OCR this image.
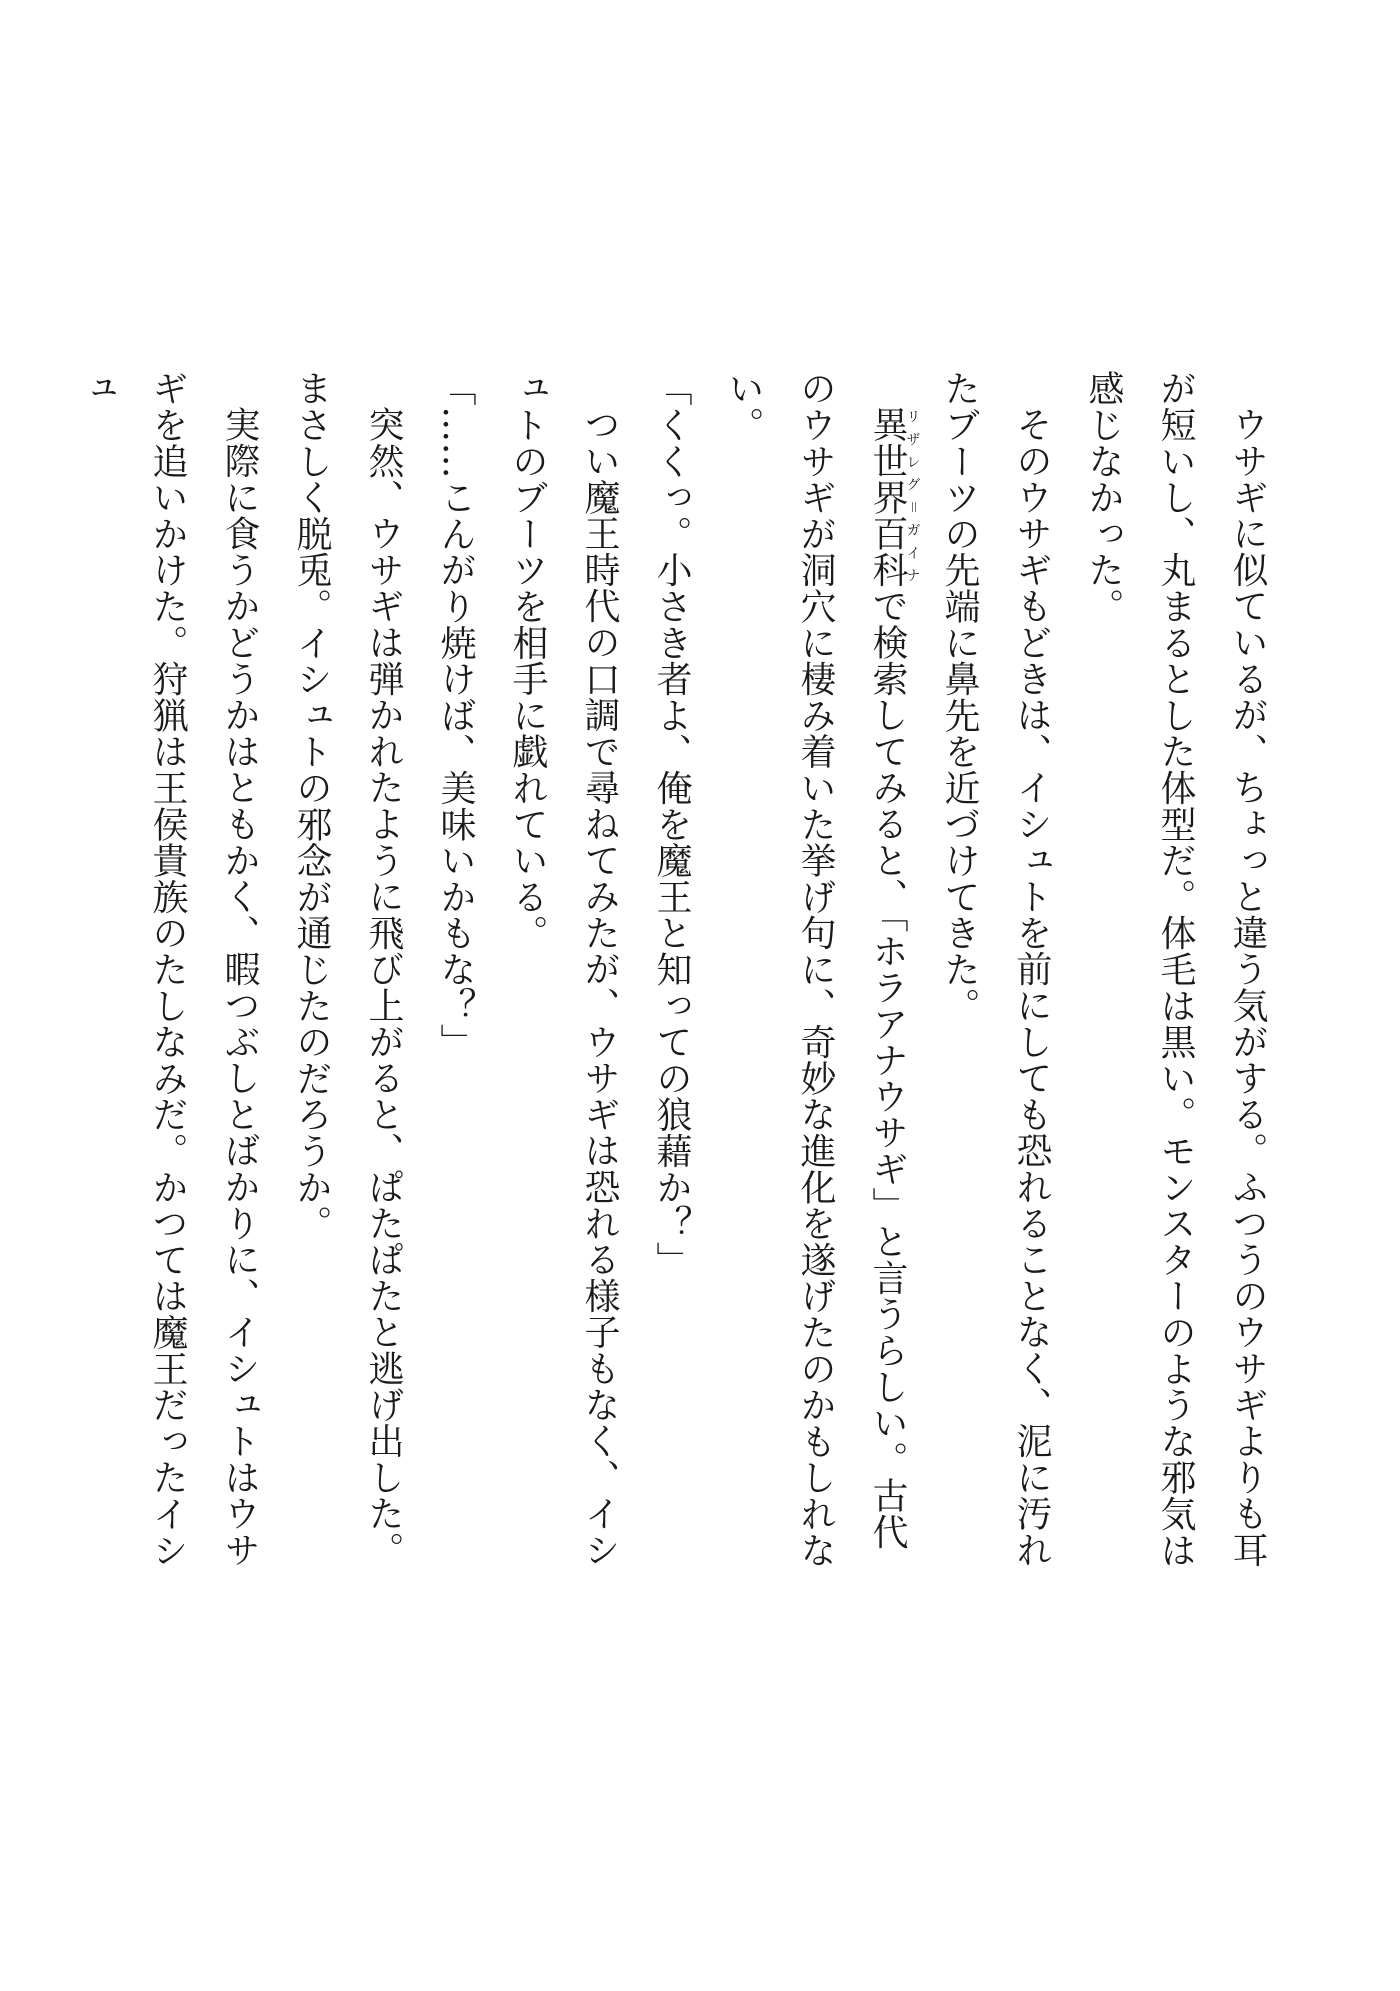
ウサギに似ているが、ちょっと違う気がする。ふつうのウサギよりも耳が短いし、丸まるとした体型だ。体毛は黒い。モンスターのような邪気は感じなかった。

そのウサギもどきは、イシュトを前にしても恐れることなく、泥に汚れたブーツの先端に鼻先を近づけてきた。

異世界百科リザレグ＝ガイナで検索してみると、「ホラアナウサギ」と言うらしい。古代のウサギが洞穴に棲み着いた挙げ句に、奇妙な進化を遂げたのかもしれない。

「くくっ。小さき者よ、俺を魔王と知っての狼藉か？」

つい魔王時代の口調で尋ねてみたが、ウサギは恐れる様子もなく、イシュトのブーツを相手に戯れている。

「……こんがり焼けば、美味いかもな？」

突然、ウサギは弾かれたように飛び上がると、ぱたぱたと逃げ出した。まさしく脱兎。イシュトの邪念が通じたのだろうか。

実際に食うかどうかはともかく、暇つぶしとばかりに、イシュトはウサギを追いかけた。狩猟は王侯貴族のたしなみだ。かつては魔王だったイシュ
